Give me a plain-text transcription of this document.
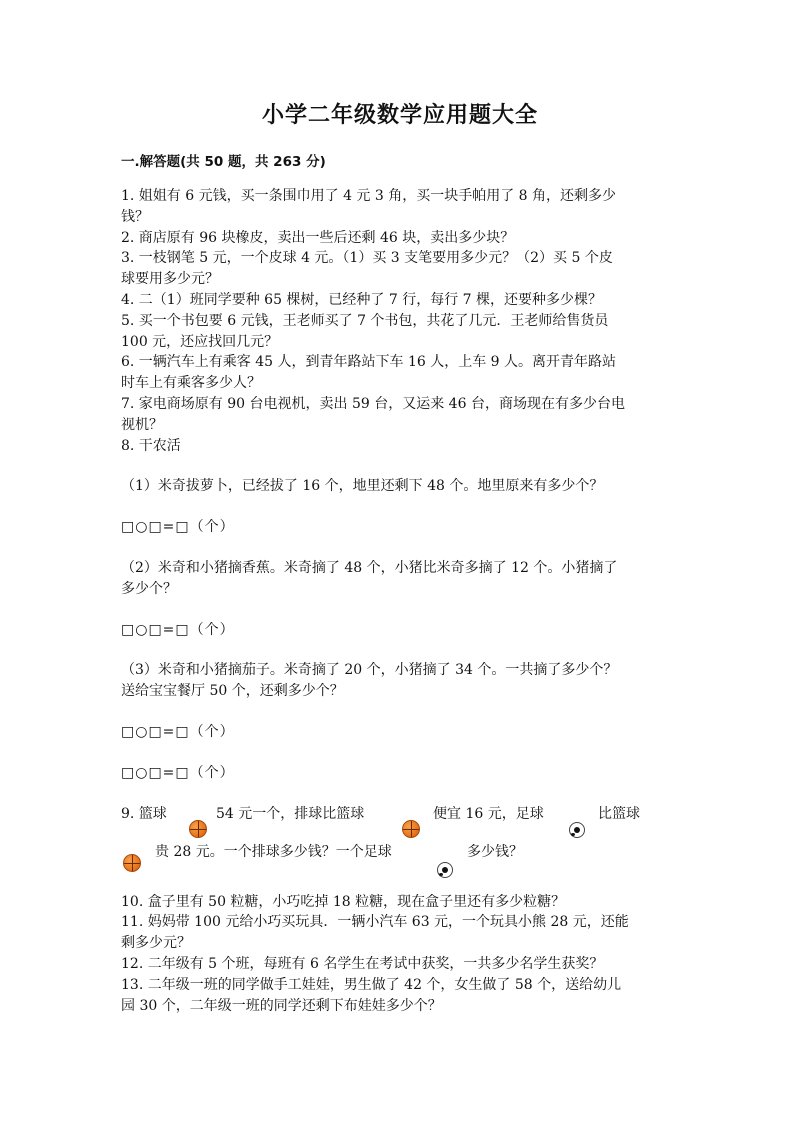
小学二年级数学应用题大全
一.解答题(共 50 题，共 263 分)

1. 姐姐有 6 元钱，买一条围巾用了 4 元 3 角，买一块手帕用了 8 角，还剩多少

钱？

2. 商店原有 96 块橡皮，卖出一些后还剩 46 块，卖出多少块？

3. 一枝钢笔 5 元，一个皮球 4 元。（1）买 3 支笔要用多少元？（2）买 5 个皮

球要用多少元？

4. 二（1）班同学要种 65 棵树，已经种了 7 行，每行 7 棵，还要种多少棵？

5. 买一个书包要 6 元钱，王老师买了 7 个书包，共花了几元．王老师给售货员

100 元，还应找回几元？

6. 一辆汽车上有乘客 45 人，到青年路站下车 16 人，上车 9 人。离开青年路站

时车上有乘客多少人？

7. 家电商场原有 90 台电视机，卖出 59 台，又运来 46 台，商场现在有多少台电

视机？

8. 干农活

（1）米奇拔萝卜，已经拔了 16 个，地里还剩下 48 个。地里原来有多少个？

□○□=□（个）

（2）米奇和小猪摘香蕉。米奇摘了 48 个，小猪比米奇多摘了 12 个。小猪摘了

多少个？

□○□=□（个）

（3）米奇和小猪摘茄子。米奇摘了 20 个，小猪摘了 34 个。一共摘了多少个？

送给宝宝餐厅 50 个，还剩多少个？

□○□=□（个）

□○□=□（个）

9. 篮球	54 元一个，排球比篮球	便宜 16 元，足球	比篮球
贵 28 元。一个排球多少钱？一个足球	多少钱？

10. 盒子里有 50 粒糖，小巧吃掉 18 粒糖，现在盒子里还有多少粒糖？

11. 妈妈带 100 元给小巧买玩具．一辆小汽车 63 元，一个玩具小熊 28 元，还能

剩多少元？

12. 二年级有 5 个班，每班有 6 名学生在考试中获奖，一共多少名学生获奖？

13. 二年级一班的同学做手工娃娃，男生做了 42 个，女生做了 58 个，送给幼儿

园 30 个，二年级一班的同学还剩下布娃娃多少个？
